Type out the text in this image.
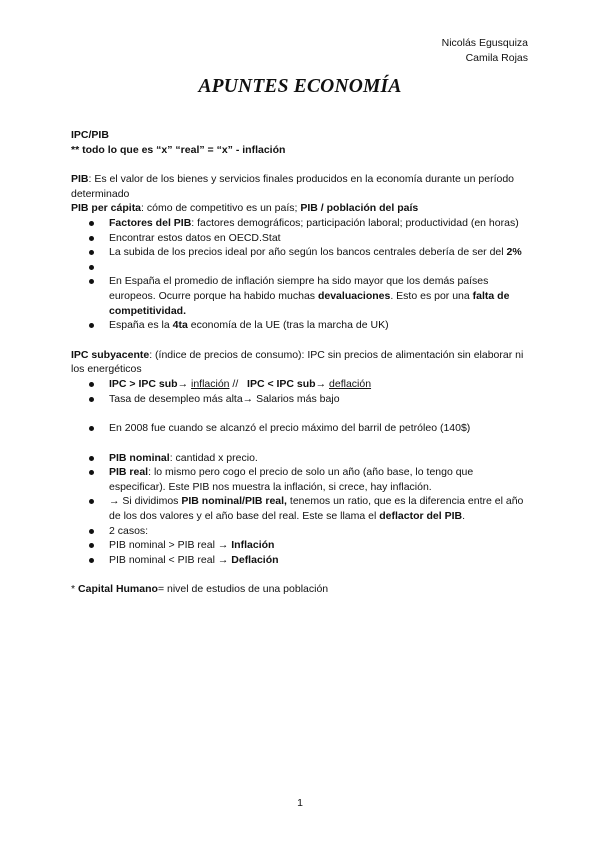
Nicolás Egusquiza
Camila Rojas
APUNTES ECONOMÍA

IPC/PIB

** todo lo que es “x” “real” = “x” - inflación

PIB: Es el valor de los bienes y servicios finales producidos en la economía durante un período determinado

PIB per cápita: cómo de competitivo es un país; PIB / población del país

Factores del PIB: factores demográficos; participación laboral; productividad (en horas)
Encontrar estos datos en OECD.Stat
La subida de los precios ideal por año según los bancos centrales debería de ser del 2%
En España el promedio de inflación siempre ha sido mayor que los demás países europeos. Ocurre porque ha habido muchas devaluaciones. Esto es por una falta de competitividad.
España es la 4ta economía de la UE (tras la marcha de UK)

IPC subyacente: (índice de precios de consumo): IPC sin precios de alimentación sin elaborar ni los energéticos

IPC > IPC sub→ inflación //   IPC < IPC sub→ deflación
Tasa de desempleo más alta→ Salarios más bajo
En 2008 fue cuando se alcanzó el precio máximo del barril de petróleo (140$)
PIB nominal: cantidad x precio.
PIB real: lo mismo pero cogo el precio de solo un año (año base, lo tengo que especificar). Este PIB nos muestra la inflación, si crece, hay inflación.
→ Si dividimos PIB nominal/PIB real, tenemos un ratio, que es la diferencia entre el año de los dos valores y el año base del real. Este se llama el deflactor del PIB.
2 casos:
PIB nominal > PIB real → Inflación
PIB nominal < PIB real → Deflación

* Capital Humano= nivel de estudios de una población

1
